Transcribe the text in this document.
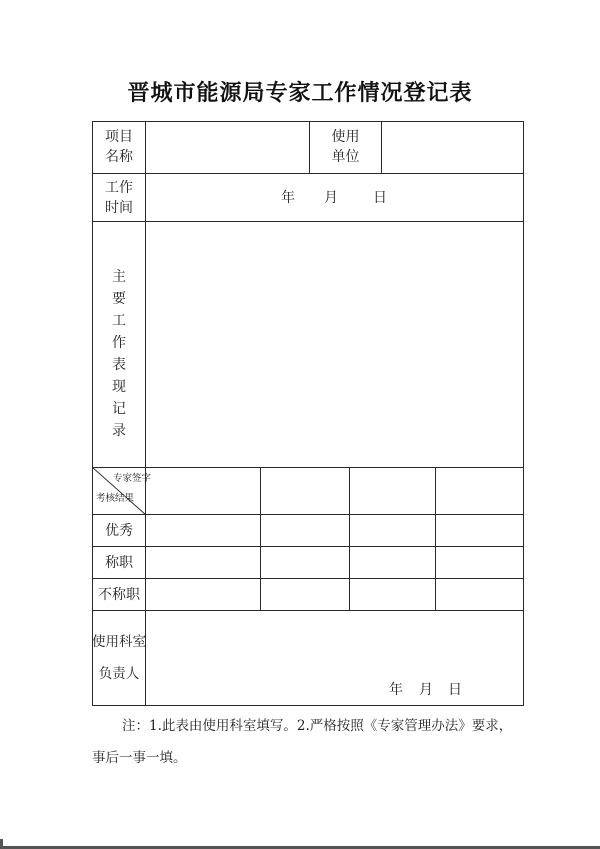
晋城市能源局专家工作情况登记表
项目
名称
使用
单位
工作
时间
年 月	日
主
要
工
作
表
现
记
录
专家签字
考核结果
优秀
称职
不称职
使用科室
负责人
年 月 日
注：1.此表由使用科室填写。2.严格按照《专家管理办法》要求，
事后一事一填。
